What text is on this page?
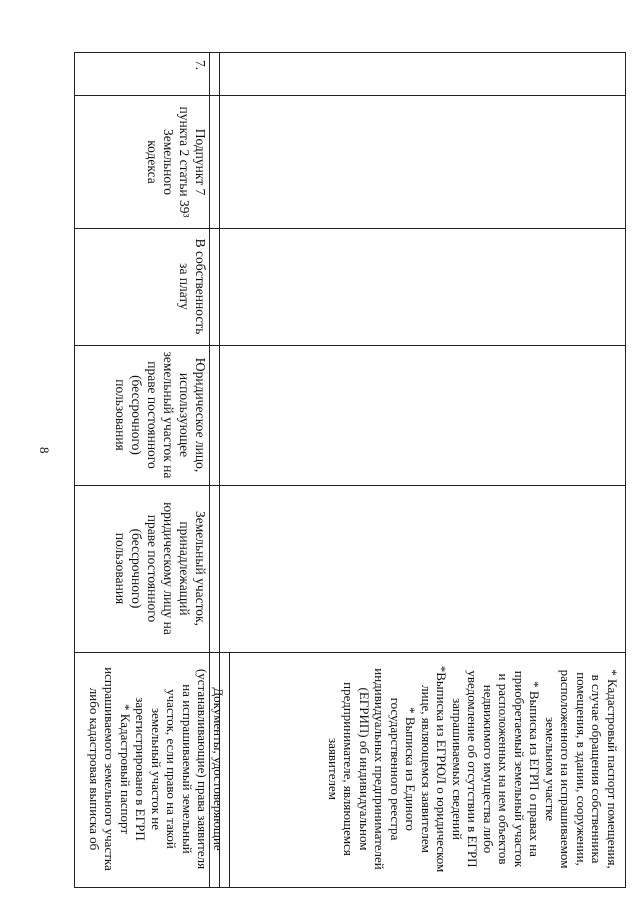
8
* Кадастровый паспорт помещения,
в случае обращения собственника
помещения, в здании, сооружении,
расположенного на испрашиваемом
земельном участке
* Выписка из ЕГРП о правах на
приобретаемый земельный участок
и расположенных на нем объектов
недвижимого имущества либо
уведомление об отсутствии в ЕГРП
запрашиваемых сведений
*Выписка из ЕГРЮЛ о юридическом
лице, являющемся заявителем
* Выписка из Единого
государственного реестра
индивидуальных предпринимателей
(ЕГРИП) об индивидуальном
предпринимателе, являющемся
заявителем
7.
Подпункт 7
пункта 2 статьи 39³
Земельного
кодекса
В собственность
за плату
Юридическое лицо,
использующее
земельный участок на
праве постоянного
(бессрочного)
пользования
Земельный участок,
принадлежащий
юридическому лицу на
праве постоянного
(бессрочного)
пользования
Документы, удостоверяющие
(устанавливающие) права заявителя
на испрашиваемый земельный
участок, если право на такой
земельный участок не
зарегистрировано в ЕГРП
* Кадастровый паспорт
испрашиваемого земельного участка
либо кадастровая выписка об
